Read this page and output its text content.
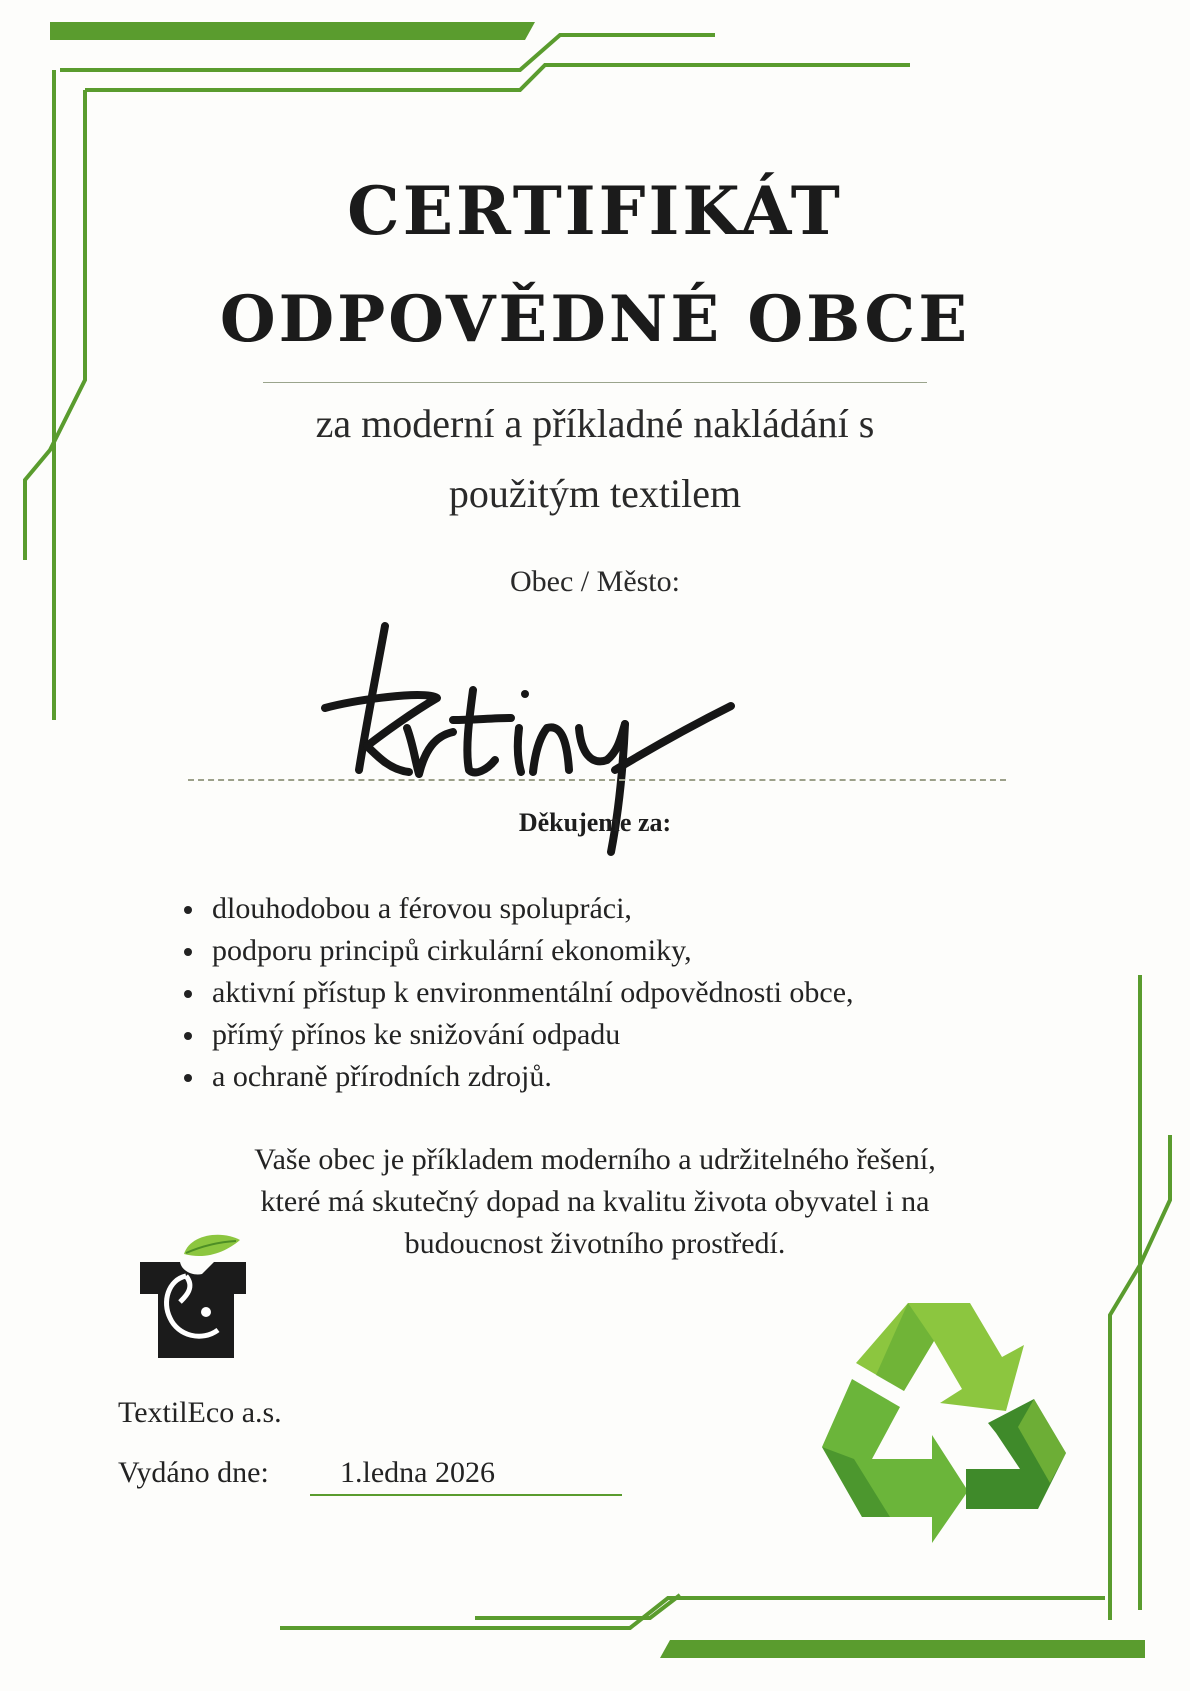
CERTIFIKÁT
ODPOVĚDNÉ OBCE
za moderní a příkladné nakládání s
použitým textilem
Obec / Město:
Děkujeme za:
dlouhodobou a férovou spolupráci,
podporu principů cirkulární ekonomiky,
aktivní přístup k environmentální odpovědnosti obce,
přímý přínos ke snižování odpadu
a ochraně přírodních zdrojů.
Vaše obec je příkladem moderního a udržitelného řešení,
které má skutečný dopad na kvalitu života obyvatel i na
budoucnost životního prostředí.
TextilEco a.s.
Vydáno dne: 1.ledna 2026
